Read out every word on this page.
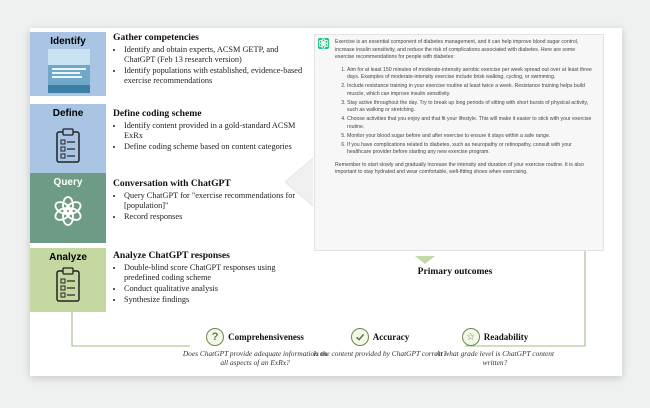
Identify
Define
Query
Analyze
Gather competencies
• Identify and obtain experts, ACSM GETP, and ChatGPT (Feb 13 research version)
• Identify populations with established, evidence-based exercise recommendations
Define coding scheme
• Identify content provided in a gold-standard ACSM ExRx
• Define coding scheme based on content categories
Conversation with ChatGPT
• Query ChatGPT for "exercise recommendations for [population]"
• Record responses
Analyze ChatGPT responses
• Double-blind score ChatGPT responses using predefined coding scheme
• Conduct qualitative analysis
• Synthesize findings

Exercise is an essential component of diabetes management, and it can help improve blood sugar control, increase insulin sensitivity, and reduce the risk of complications associated with diabetes. Here are some exercise recommendations for people with diabetes:

1. Aim for at least 150 minutes of moderate-intensity aerobic exercise per week spread out over at least three days. Examples of moderate-intensity exercise include brisk walking, cycling, or swimming.
2. Include resistance training in your exercise routine at least twice a week. Resistance training helps build muscle, which can improve insulin sensitivity.
3. Stay active throughout the day. Try to break up long periods of sitting with short bursts of physical activity, such as walking or stretching.
4. Choose activities that you enjoy and that fit your lifestyle. This will make it easier to stick with your exercise routine.
5. Monitor your blood sugar before and after exercise to ensure it stays within a safe range.
6. If you have complications related to diabetes, such as neuropathy or retinopathy, consult with your healthcare provider before starting any new exercise program.

Remember to start slowly and gradually increase the intensity and duration of your exercise routine. It is also important to stay hydrated and wear comfortable, well-fitting shoes when exercising.

Primary outcomes
? Comprehensiveness
Does ChatGPT provide adequate information on all aspects of an ExRx?
Accuracy
Is the content provided by ChatGPT correct?
☆ Readability
At what grade level is ChatGPT content written?
